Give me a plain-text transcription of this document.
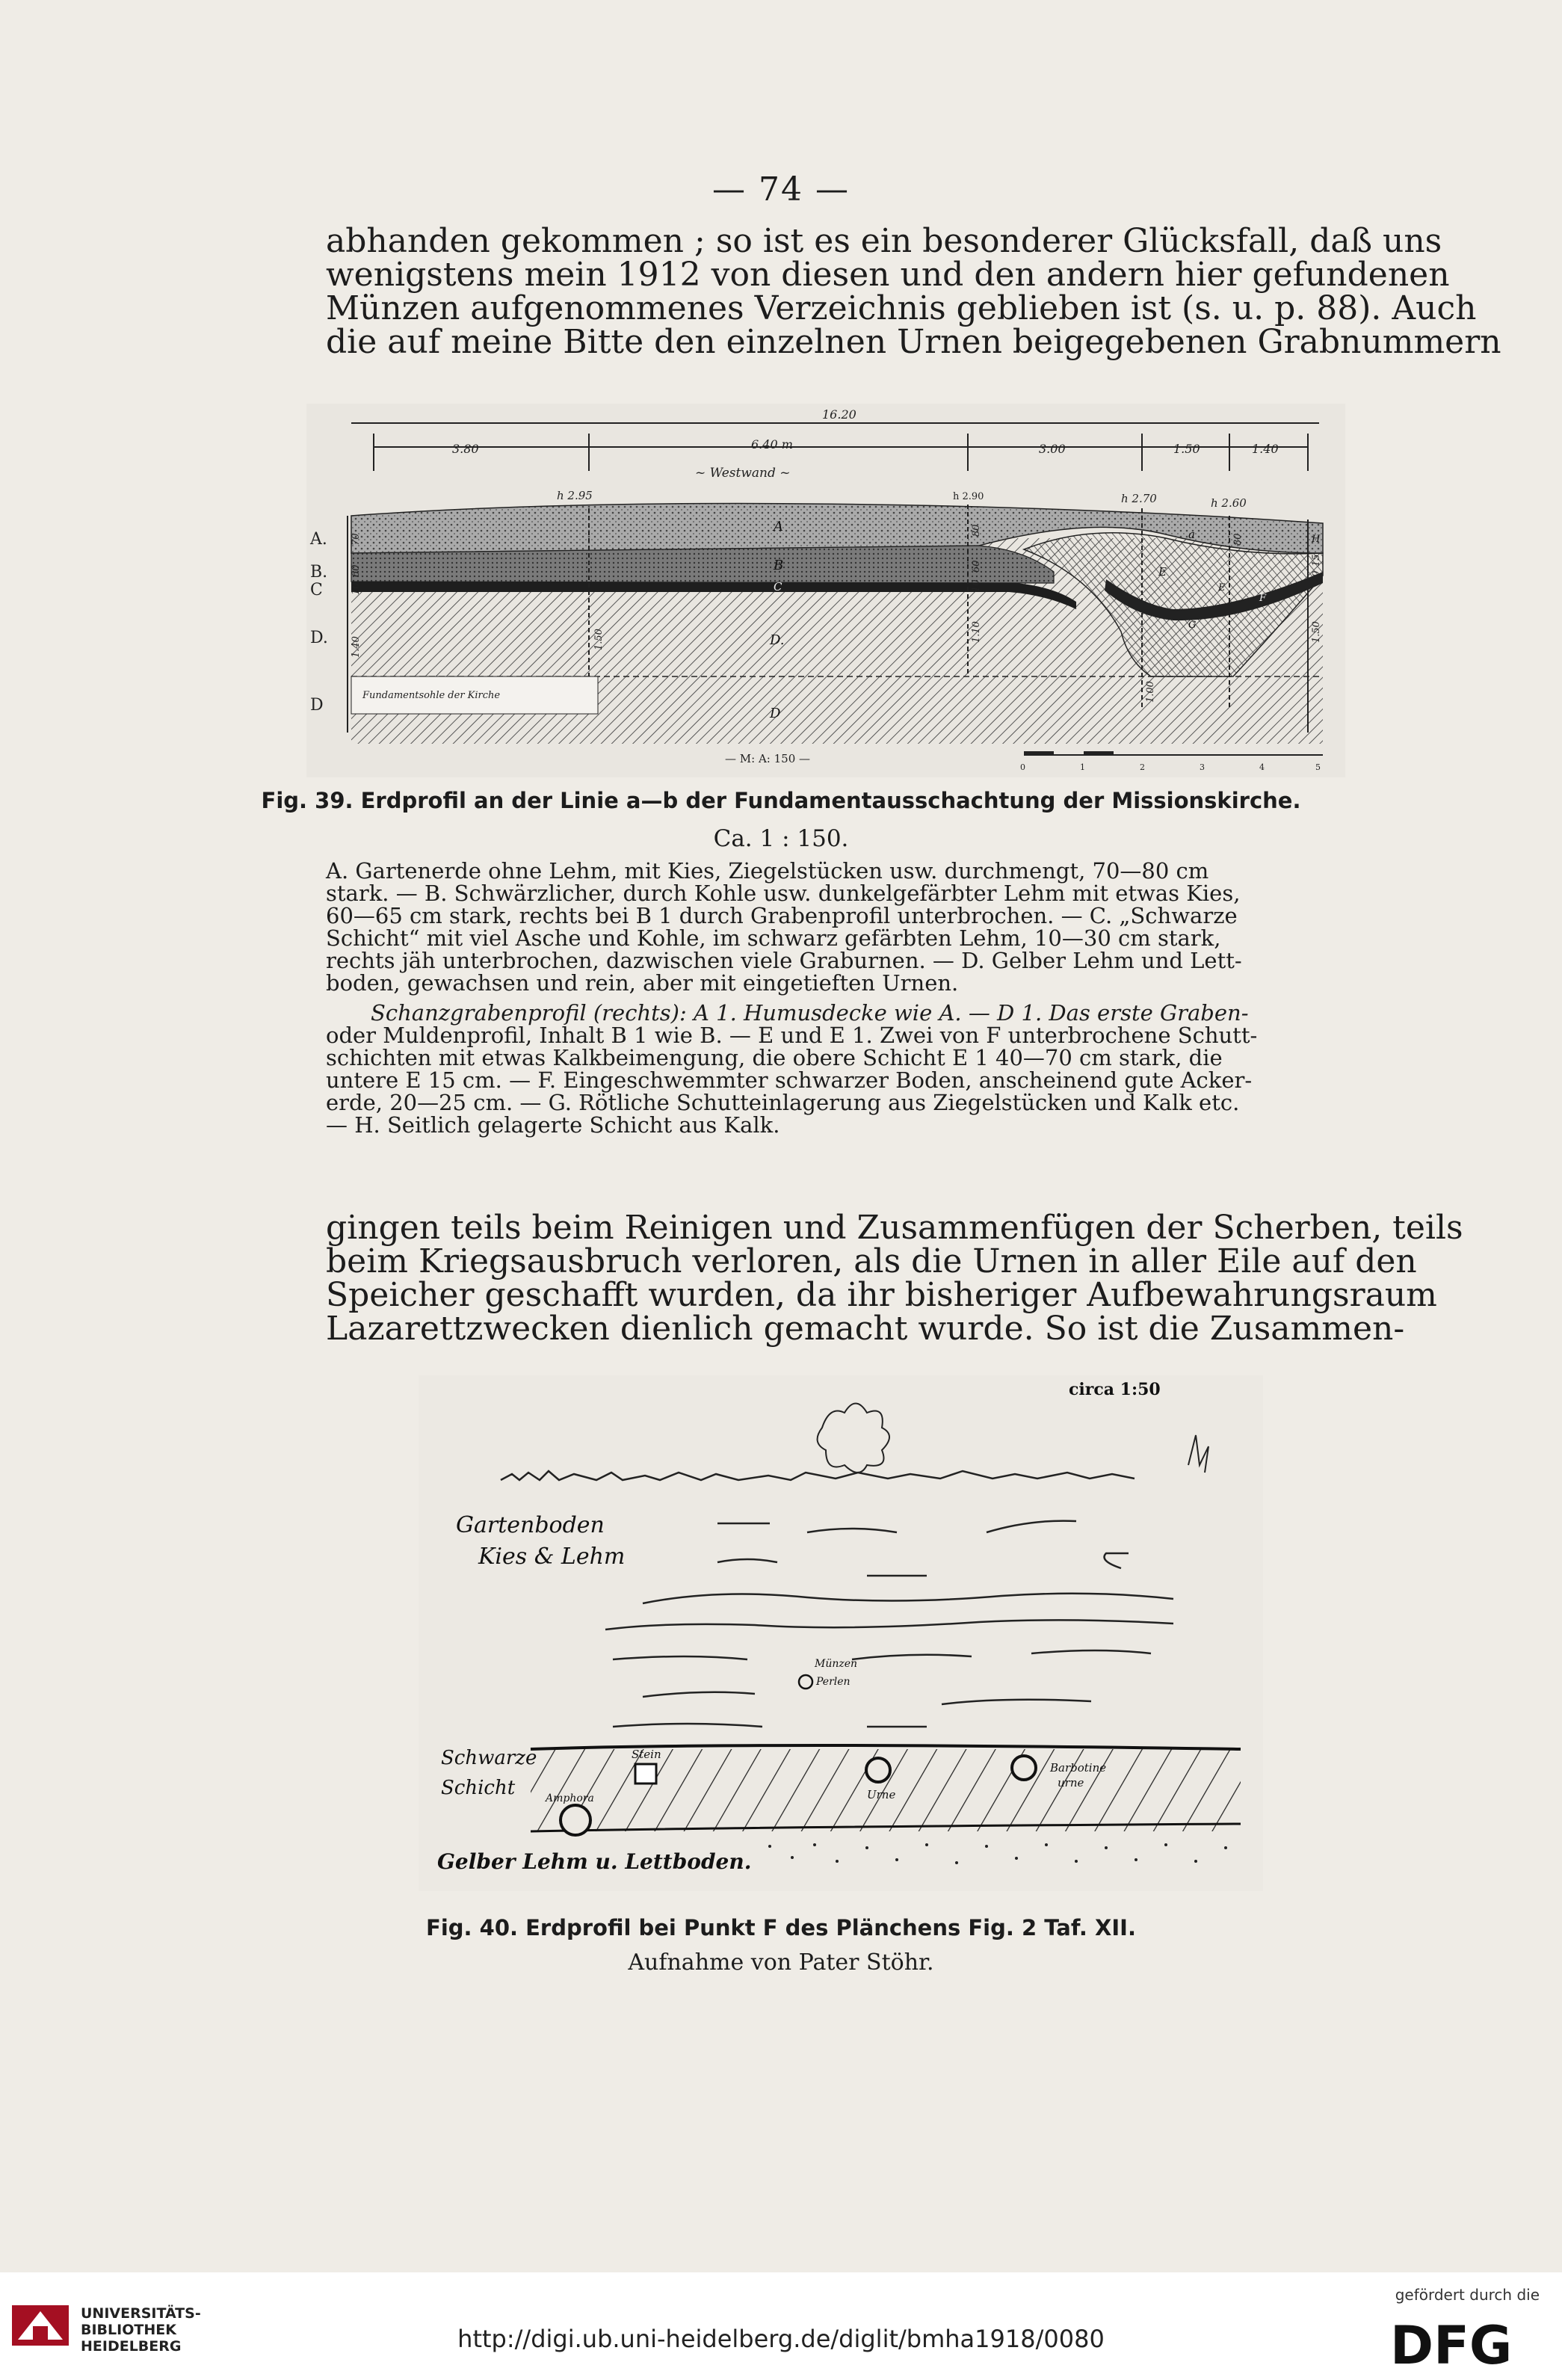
— 74 —

abhanden gekommen ; so ist es ein besonderer Glücksfall, daß uns
wenigstens mein 1912 von diesen und den andern hier gefundenen
Münzen aufgenommenes Verzeichnis geblieben ist (s. u. p. 88). Auch
die auf meine Bitte den einzelnen Urnen beigegebenen Grabnummern

16.20
3.80	6.40 m	3.00	1.50	1.40
~ Westwand ~
h 2.95	h 2.90	h 2.70	h 2.60
Fundamentsohle der Kirche
A.
B.
C
D.
D
70
60
10
1.50
1.40
80
60
10
1.10
1.00
80
15
20
1.50
A
B
C
D.
D
a
E
E
F
G
H
— M: A: 150 —
0	1	2	3	4	5
Fig. 39. Erdprofil an der Linie a—b der Fundamentausschachtung der Missionskirche.
Ca. 1 : 150.

A. Gartenerde ohne Lehm, mit Kies, Ziegelstücken usw. durchmengt, 70—80 cm
stark. — B. Schwärzlicher, durch Kohle usw. dunkelgefärbter Lehm mit etwas Kies,
60—65 cm stark, rechts bei B 1 durch Grabenprofil unterbrochen. — C. „Schwarze
Schicht“ mit viel Asche und Kohle, im schwarz gefärbten Lehm, 10—30 cm stark,
rechts jäh unterbrochen, dazwischen viele Graburnen. — D. Gelber Lehm und Lett-
boden, gewachsen und rein, aber mit eingetieften Urnen.
Schanzgrabenprofil (rechts): A 1. Humusdecke wie A. — D 1. Das erste Graben-
oder Muldenprofil, Inhalt B 1 wie B. — E und E 1. Zwei von F unterbrochene Schutt-
schichten mit etwas Kalkbeimengung, die obere Schicht E 1 40—70 cm stark, die
untere E 15 cm. — F. Eingeschwemmter schwarzer Boden, anscheinend gute Acker-
erde, 20—25 cm. — G. Rötliche Schutteinlagerung aus Ziegelstücken und Kalk etc.
— H. Seitlich gelagerte Schicht aus Kalk.

gingen teils beim Reinigen und Zusammenfügen der Scherben, teils
beim Kriegsausbruch verloren, als die Urnen in aller Eile auf den
Speicher geschafft wurden, da ihr bisheriger Aufbewahrungsraum
Lazarettzwecken dienlich gemacht wurde. So ist die Zusammen-

circa 1:50
Gartenboden
Kies & Lehm
Münzen
Perlen
Schwarze
Schicht
Stein
Urne
Barbotine
urne
Amphora
Gelber Lehm u. Lettboden.
Fig. 40. Erdprofil bei Punkt F des Plänchens Fig. 2 Taf. XII.
Aufnahme von Pater Stöhr.
UNIVERSITÄTS-
BIBLIOTHEK
HEIDELBERG	http://digi.ub.uni-heidelberg.de/diglit/bmha1918/0080
gefördert durch die
DFG
